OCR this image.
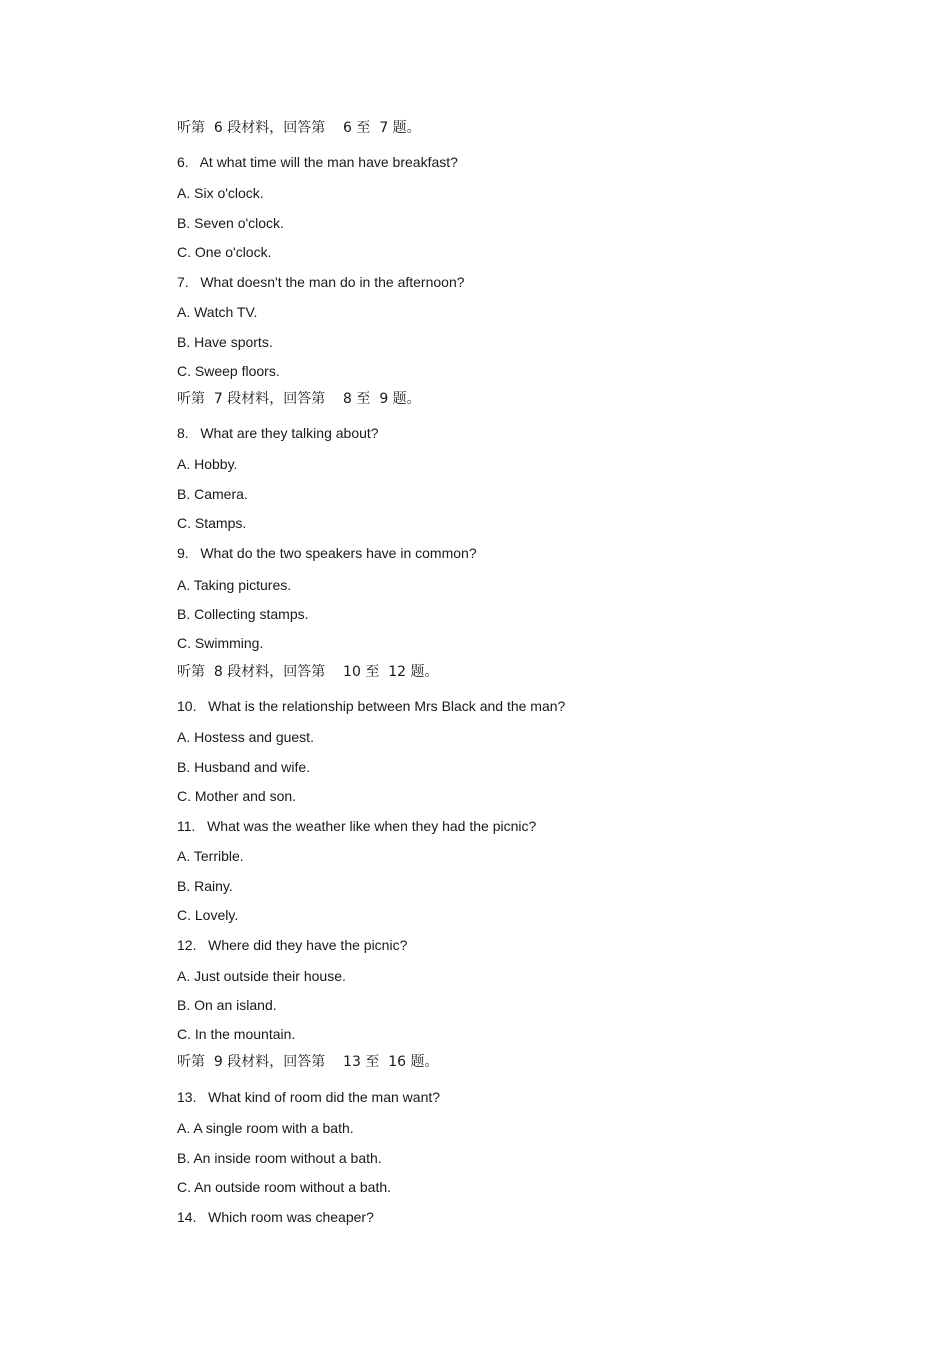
听第  6 段材料，回答第    6 至  7 题。
6.   At what time will the man have breakfast?
A. Six o'clock.
B. Seven o'clock.
C. One o'clock.
7.   What doesn't the man do in the afternoon?
A. Watch TV.
B. Have sports.
C. Sweep floors.
听第  7 段材料，回答第    8 至  9 题。
8.   What are they talking about?
A. Hobby.
B. Camera.
C. Stamps.
9.   What do the two speakers have in common?
A. Taking pictures.
B. Collecting stamps.
C. Swimming.
听第  8 段材料，回答第    10 至  12 题。
10.   What is the relationship between Mrs Black and the man?
A. Hostess and guest.
B. Husband and wife.
C. Mother and son.
11.   What was the weather like when they had the picnic?
A. Terrible.
B. Rainy.
C. Lovely.
12.   Where did they have the picnic?
A. Just outside their house.
B. On an island.
C. In the mountain.
听第  9 段材料，回答第    13 至  16 题。
13.   What kind of room did the man want?
A. A single room with a bath.
B. An inside room without a bath.
C. An outside room without a bath.
14.   Which room was cheaper?
